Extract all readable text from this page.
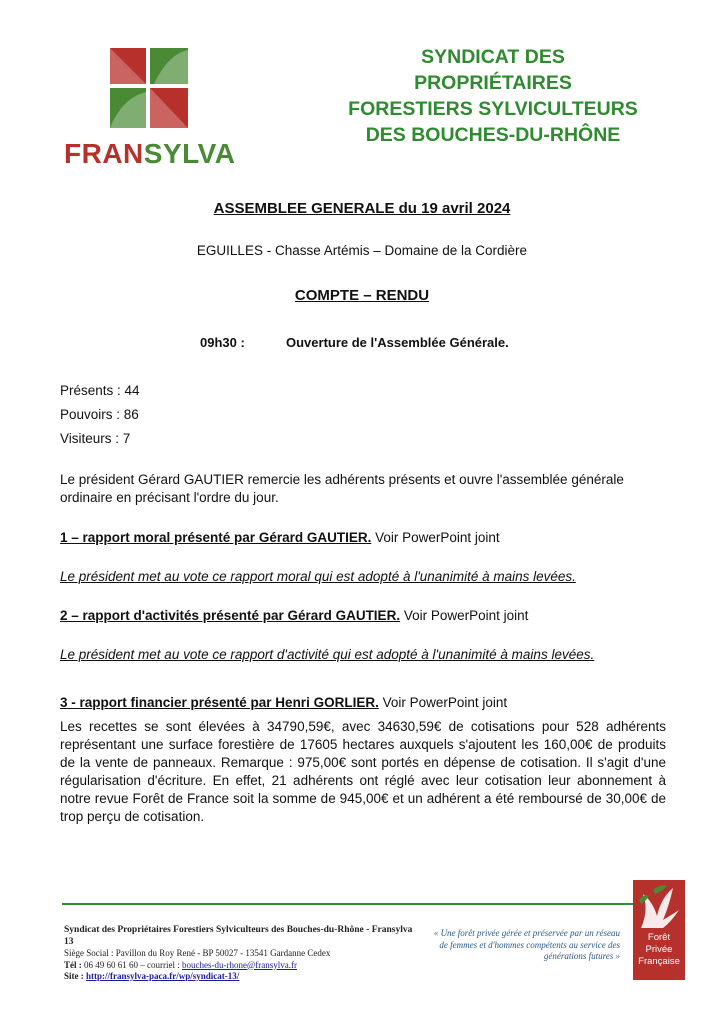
FRANSYLVA
SYNDICAT DES
PROPRIÉTAIRES
FORESTIERS SYLVICULTEURS
DES BOUCHES-DU-RHÔNE
ASSEMBLEE GENERALE du 19 avril 2024
EGUILLES - Chasse Artémis – Domaine de la Cordière
COMPTE – RENDU
09h30 :	Ouverture de l'Assemblée Générale.
Présents : 44
Pouvoirs : 86
Visiteurs : 7
Le président Gérard GAUTIER remercie les adhérents présents et ouvre l'assemblée générale ordinaire en précisant l'ordre du jour.
1 – rapport moral présenté par Gérard GAUTIER. Voir PowerPoint joint
Le président met au vote ce rapport moral qui est adopté à l'unanimité à mains levées.
2 – rapport d'activités présenté par Gérard GAUTIER. Voir PowerPoint joint
Le président met au vote ce rapport d'activité qui est adopté à l'unanimité à mains levées.
3 - rapport financier présenté par Henri GORLIER. Voir PowerPoint joint
Les recettes se sont élevées à 34790,59€, avec 34630,59€ de cotisations pour 528 adhérents représentant une surface forestière de 17605 hectares auxquels s'ajoutent les 160,00€ de produits de la vente de panneaux. Remarque : 975,00€ sont portés en dépense de cotisation. Il s'agit d'une régularisation d'écriture. En effet, 21 adhérents ont réglé avec leur cotisation leur abonnement à notre revue Forêt de France soit la somme de 945,00€ et un adhérent a été remboursé de 30,00€ de trop perçu de cotisation.
Syndicat des Propriétaires Forestiers Sylviculteurs des Bouches-du-Rhône - Fransylva 13
Siège Social : Pavillon du Roy René - BP 50027 - 13541 Gardanne Cedex
Tél : 06 49 60 61 60 – courriel : bouches-du-rhone@fransylva.fr
Site : http://fransylva-paca.fr/wp/syndicat-13/
« Une forêt privée gérée et préservée par un réseau de femmes et d'hommes compétents au service des générations futures »
Forêt
Privée
Française
